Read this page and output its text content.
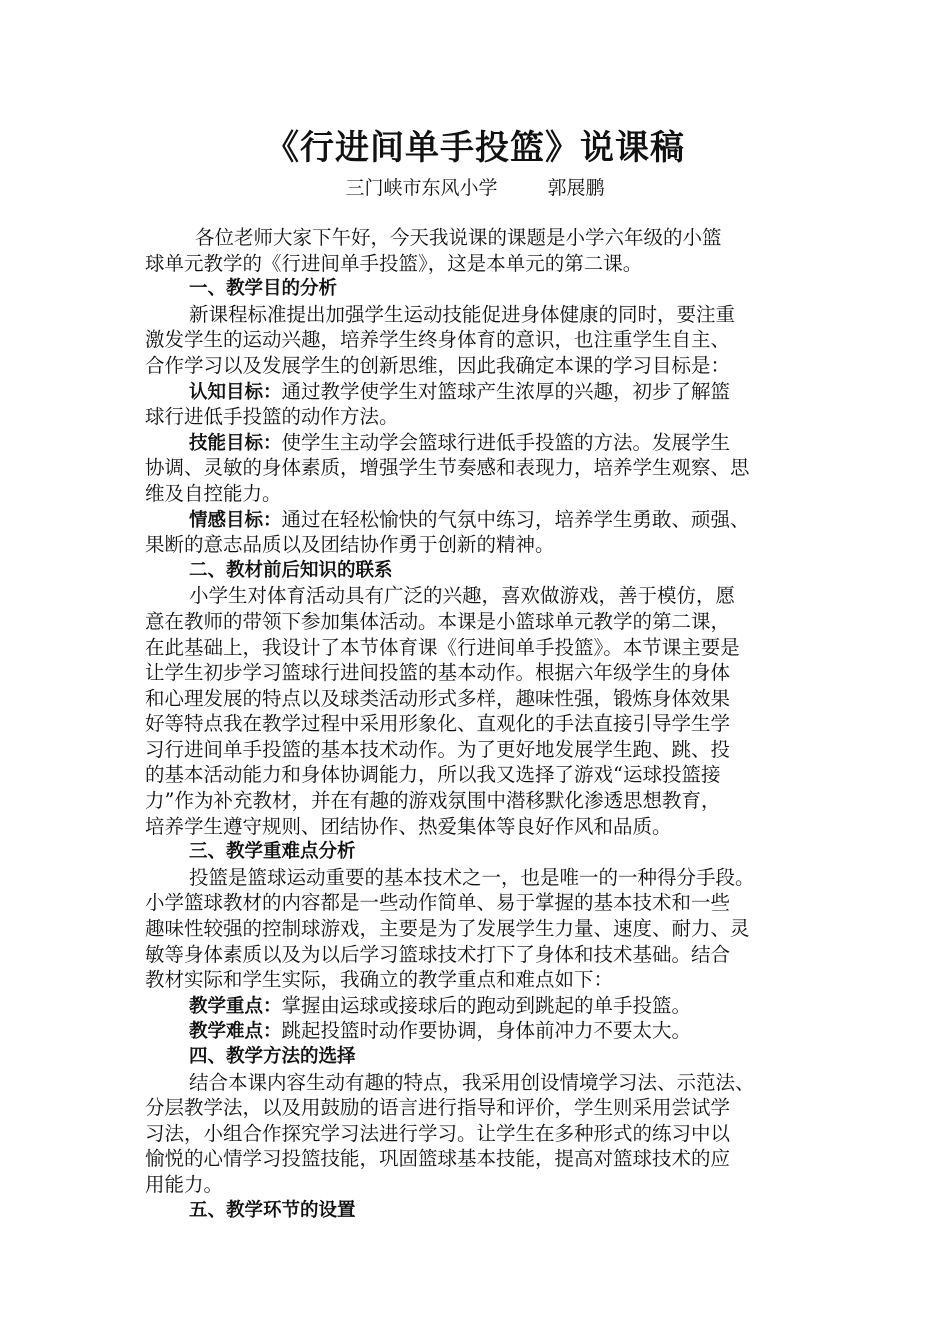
《行进间单手投篮》说课稿
三门峡市东风小学	郭展鹏
各位老师大家下午好，今天我说课的课题是小学六年级的小篮
球单元教学的《行进间单手投篮》，这是本单元的第二课。
一、教学目的分析
新课程标准提出加强学生运动技能促进身体健康的同时，要注重
激发学生的运动兴趣，培养学生终身体育的意识，也注重学生自主、
合作学习以及发展学生的创新思维，因此我确定本课的学习目标是：
认知目标：通过教学使学生对篮球产生浓厚的兴趣，初步了解篮
球行进低手投篮的动作方法。
技能目标：使学生主动学会篮球行进低手投篮的方法。发展学生
协调、灵敏的身体素质，增强学生节奏感和表现力，培养学生观察、思
维及自控能力。
情感目标：通过在轻松愉快的气氛中练习，培养学生勇敢、顽强、
果断的意志品质以及团结协作勇于创新的精神。
二、教材前后知识的联系
小学生对体育活动具有广泛的兴趣，喜欢做游戏，善于模仿，愿
意在教师的带领下参加集体活动。本课是小篮球单元教学的第二课，
在此基础上，我设计了本节体育课《行进间单手投篮》。本节课主要是
让学生初步学习篮球行进间投篮的基本动作。根据六年级学生的身体
和心理发展的特点以及球类活动形式多样，趣味性强，锻炼身体效果
好等特点我在教学过程中采用形象化、直观化的手法直接引导学生学
习行进间单手投篮的基本技术动作。为了更好地发展学生跑、跳、投
的基本活动能力和身体协调能力，所以我又选择了游戏“运球投篮接
力”作为补充教材，并在有趣的游戏氛围中潜移默化渗透思想教育，
培养学生遵守规则、团结协作、热爱集体等良好作风和品质。
三、教学重难点分析
投篮是篮球运动重要的基本技术之一，也是唯一的一种得分手段。
小学篮球教材的内容都是一些动作简单、易于掌握的基本技术和一些
趣味性较强的控制球游戏，主要是为了发展学生力量、速度、耐力、灵
敏等身体素质以及为以后学习篮球技术打下了身体和技术基础。结合
教材实际和学生实际，我确立的教学重点和难点如下：
教学重点：掌握由运球或接球后的跑动到跳起的单手投篮。
教学难点：跳起投篮时动作要协调，身体前冲力不要太大。
四、教学方法的选择
结合本课内容生动有趣的特点，我采用创设情境学习法、示范法、
分层教学法，以及用鼓励的语言进行指导和评价，学生则采用尝试学
习法，小组合作探究学习法进行学习。让学生在多种形式的练习中以
愉悦的心情学习投篮技能，巩固篮球基本技能，提高对篮球技术的应
用能力。
五、教学环节的设置
